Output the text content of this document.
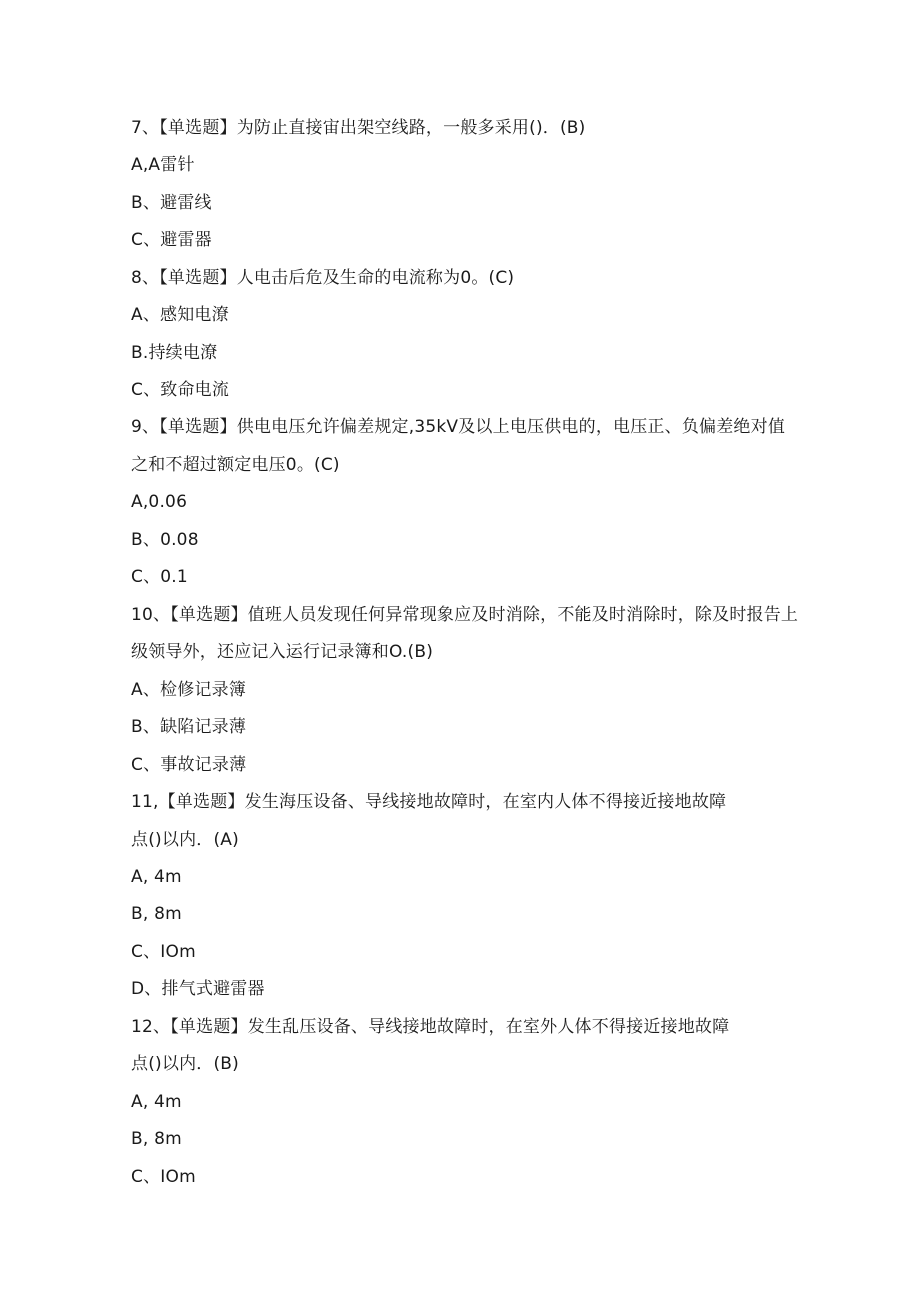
7、【单选题】为防止直接宙出架空线路，一般多采用()．(B)
A,A雷针
B、避雷线
C、避雷器
8、【单选题】人电击后危及生命的电流称为0。(C)
A、感知电潦
B.持续电潦
C、致命电流
9、【单选题】供电电压允许偏差规定,35kV及以上电压供电的，电压正、负偏差绝对值
之和不超过额定电压0。(C)
A,0.06
B、0.08
C、0.1
10、【单选题】值班人员发现任何异常现象应及时消除，不能及时消除时，除及时报告上
级领导外，还应记入运行记录簿和O.(B)
A、检修记录簿
B、缺陷记录薄
C、事故记录薄
11,【单选题】发生海压设备、导线接地故障时，在室内人体不得接近接地故障
点()以内．(A)
A, 4m
B, 8m
C、IOm
D、排气式避雷器
12、【单选题】发生乱压设备、导线接地故障时，在室外人体不得接近接地故障
点()以内．(B)
A, 4m
B, 8m
C、IOm
